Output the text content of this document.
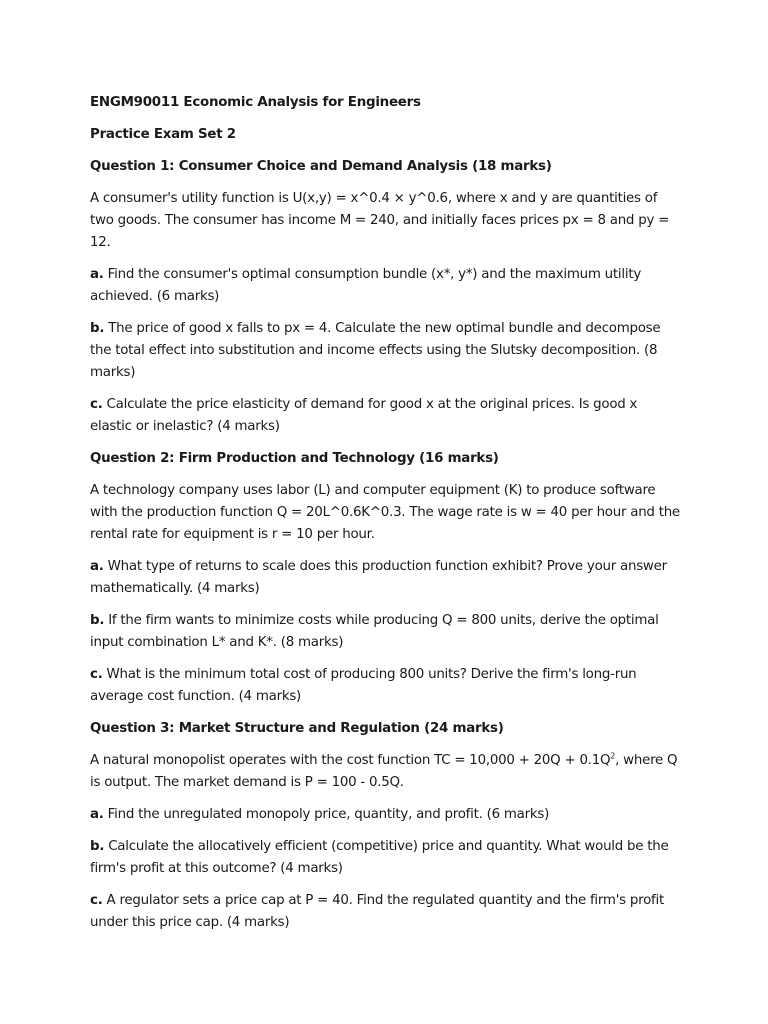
ENGM90011 Economic Analysis for Engineers

Practice Exam Set 2

Question 1: Consumer Choice and Demand Analysis (18 marks)

A consumer's utility function is U(x,y) = x^0.4 × y^0.6, where x and y are quantities of two goods. The consumer has income M = 240, and initially faces prices px = 8 and py = 12.

a. Find the consumer's optimal consumption bundle (x*, y*) and the maximum utility achieved. (6 marks)

b. The price of good x falls to px = 4. Calculate the new optimal bundle and decompose the total effect into substitution and income effects using the Slutsky decomposition. (8 marks)

c. Calculate the price elasticity of demand for good x at the original prices. Is good x elastic or inelastic? (4 marks)

Question 2: Firm Production and Technology (16 marks)

A technology company uses labor (L) and computer equipment (K) to produce software with the production function Q = 20L^0.6K^0.3. The wage rate is w = 40 per hour and the rental rate for equipment is r = 10 per hour.

a. What type of returns to scale does this production function exhibit? Prove your answer mathematically. (4 marks)

b. If the firm wants to minimize costs while producing Q = 800 units, derive the optimal input combination L* and K*. (8 marks)

c. What is the minimum total cost of producing 800 units? Derive the firm's long-run average cost function. (4 marks)

Question 3: Market Structure and Regulation (24 marks)

A natural monopolist operates with the cost function TC = $10,000 + 20Q + 0.1Q^2$, where Q is output. The market demand is P = 100 - 0.5Q.

a. Find the unregulated monopoly price, quantity, and profit. (6 marks)

b. Calculate the allocatively efficient (competitive) price and quantity. What would be the firm's profit at this outcome? (4 marks)

c. A regulator sets a price cap at P = 40. Find the regulated quantity and the firm's profit under this price cap. (4 marks)
